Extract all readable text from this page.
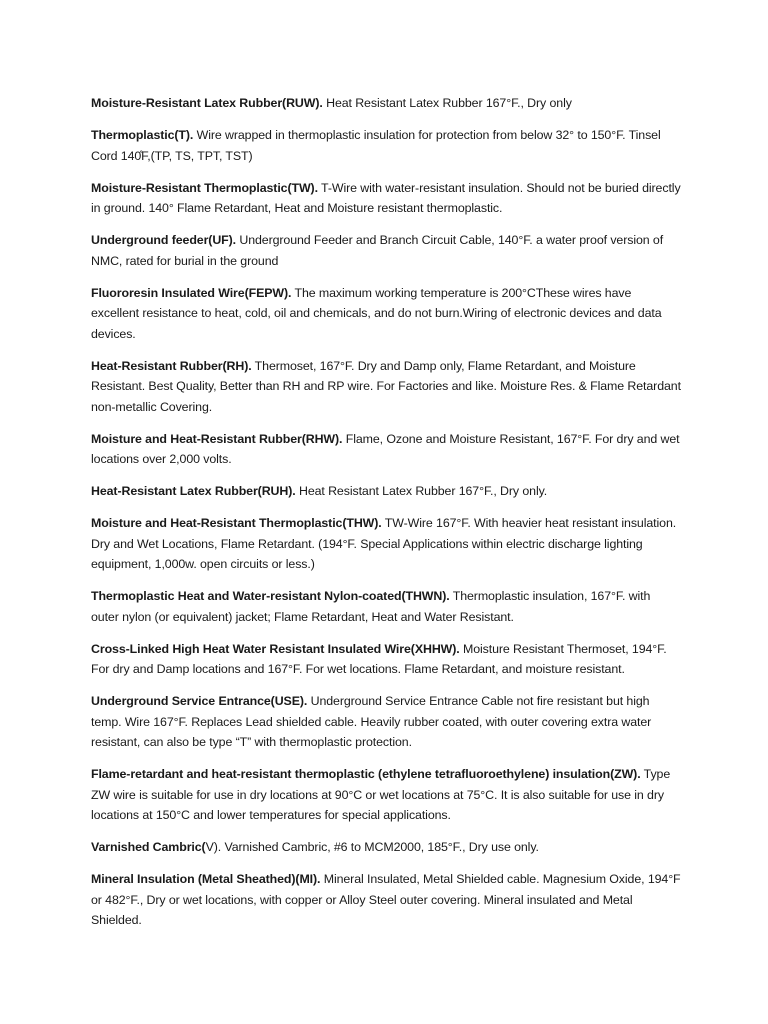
Moisture-Resistant Latex Rubber(RUW). Heat Resistant Latex Rubber 167°F., Dry only

Thermoplastic(T). Wire wrapped in thermoplastic insulation for protection from below 32° to 150°F. Tinsel Cord 140̊F,(TP, TS, TPT, TST)

Moisture-Resistant Thermoplastic(TW). T-Wire with water-resistant insulation. Should not be buried directly in ground. 140° Flame Retardant, Heat and Moisture resistant thermoplastic.

Underground feeder(UF). Underground Feeder and Branch Circuit Cable, 140°F. a water proof version of NMC, rated for burial in the ground

Fluororesin Insulated Wire(FEPW). The maximum working temperature is 200°CThese wires have excellent resistance to heat, cold, oil and chemicals, and do not burn.Wiring of electronic devices and data devices.

Heat-Resistant Rubber(RH). Thermoset, 167°F. Dry and Damp only, Flame Retardant, and Moisture Resistant. Best Quality, Better than RH and RP wire. For Factories and like. Moisture Res. & Flame Retardant non-metallic Covering.

Moisture and Heat-Resistant Rubber(RHW). Flame, Ozone and Moisture Resistant, 167°F. For dry and wet locations over 2,000 volts.

Heat-Resistant Latex Rubber(RUH). Heat Resistant Latex Rubber 167°F., Dry only.

Moisture and Heat-Resistant Thermoplastic(THW). TW-Wire 167°F. With heavier heat resistant insulation. Dry and Wet Locations, Flame Retardant. (194°F. Special Applications within electric discharge lighting equipment, 1,000w. open circuits or less.)

Thermoplastic Heat and Water-resistant Nylon-coated(THWN). Thermoplastic insulation, 167°F. with outer nylon (or equivalent) jacket; Flame Retardant, Heat and Water Resistant.

Cross-Linked High Heat Water Resistant Insulated Wire(XHHW). Moisture Resistant Thermoset, 194°F. For dry and Damp locations and 167°F. For wet locations. Flame Retardant, and moisture resistant.

Underground Service Entrance(USE). Underground Service Entrance Cable not fire resistant but high temp. Wire 167°F. Replaces Lead shielded cable. Heavily rubber coated, with outer covering extra water resistant, can also be type “T” with thermoplastic protection.

Flame-retardant and heat-resistant thermoplastic (ethylene tetrafluoroethylene) insulation(ZW). Type ZW wire is suitable for use in dry locations at 90°C or wet locations at 75°C. It is also suitable for use in dry locations at 150°C and lower temperatures for special applications.

Varnished Cambric(V). Varnished Cambric, #6 to MCM2000, 185°F., Dry use only.

Mineral Insulation (Metal Sheathed)(MI). Mineral Insulated, Metal Shielded cable. Magnesium Oxide, 194°F or 482°F., Dry or wet locations, with copper or Alloy Steel outer covering. Mineral insulated and Metal Shielded.
